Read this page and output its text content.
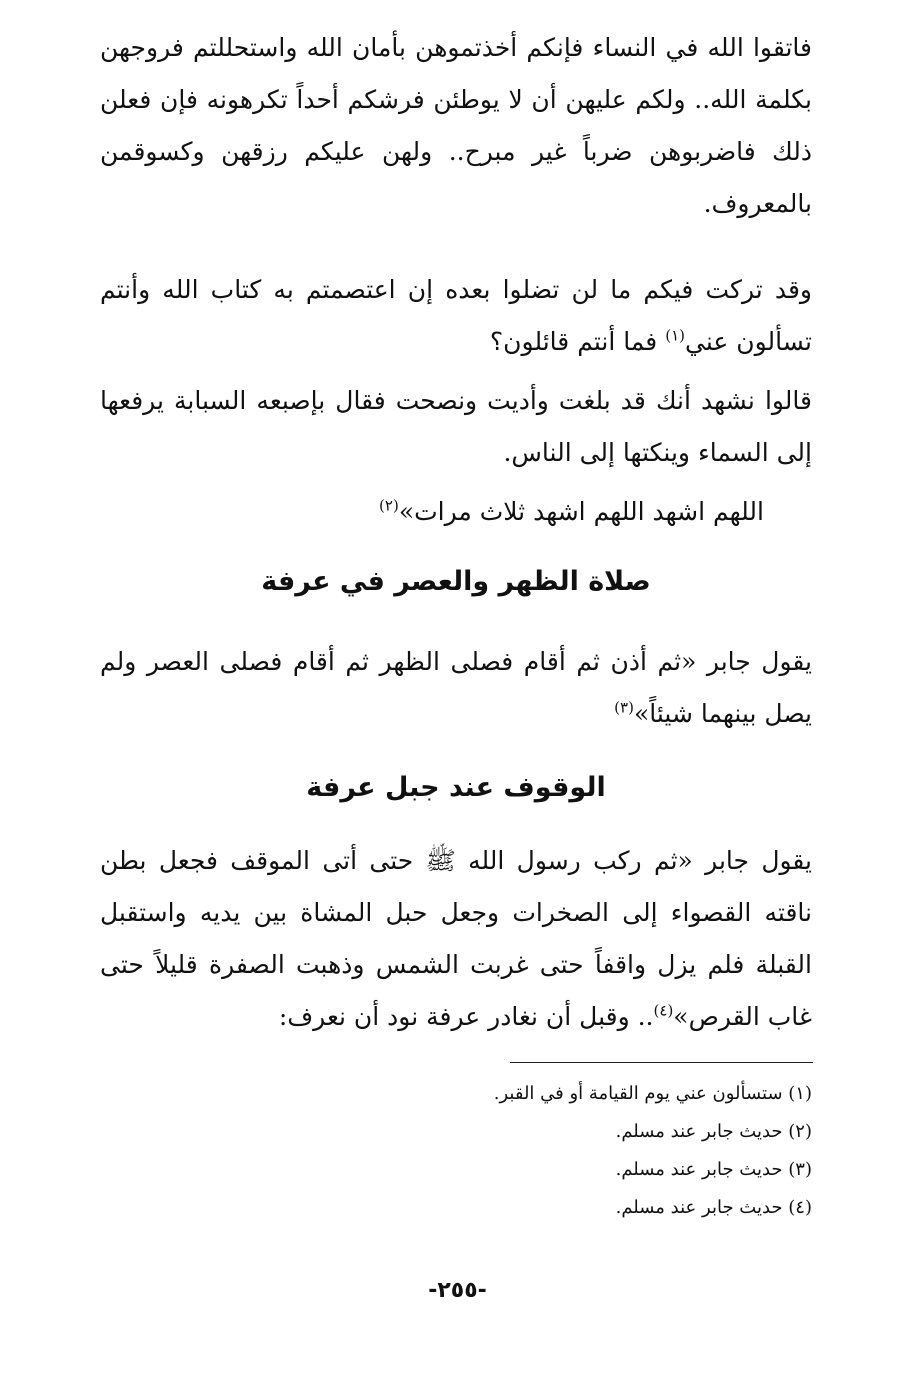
فاتقوا الله في النساء فإنكم أخذتموهن بأمان الله واستحللتم فروجهن بكلمة الله.. ولكم عليهن أن لا يوطئن فرشكم أحداً تكرهونه فإن فعلن ذلك فاضربوهن ضرباً غير مبرح.. ولهن عليكم رزقهن وكسوقمن بالمعروف.

وقد تركت فيكم ما لن تضلوا بعده إن اعتصمتم به كتاب الله وأنتم تسألون عني$^{(١)}$ فما أنتم قائلون؟

قالوا نشهد أنك قد بلغت وأديت ونصحت فقال بإصبعه السبابة يرفعها إلى السماء وينكتها إلى الناس.

اللهم اشهد اللهم اشهد ثلاث مرات»$^{(٢)}$

صلاة الظهر والعصر في عرفة

يقول جابر «ثم أذن ثم أقام فصلى الظهر ثم أقام فصلى العصر ولم يصل بينهما شيئاً»$^{(٣)}$

الوقوف عند جبل عرفة

يقول جابر «ثم ركب رسول الله ﷺ حتى أتى الموقف فجعل بطن ناقته القصواء إلى الصخرات وجعل حبل المشاة بين يديه واستقبل القبلة فلم يزل واقفاً حتى غربت الشمس وذهبت الصفرة قليلاً حتى غاب القرص»$^{(٤)}$.. وقبل أن نغادر عرفة نود أن نعرف:

(١) ستسألون عني يوم القيامة أو في القبر.
(٢) حديث جابر عند مسلم.
(٣) حديث جابر عند مسلم.
(٤) حديث جابر عند مسلم.
-٢٥٥-
